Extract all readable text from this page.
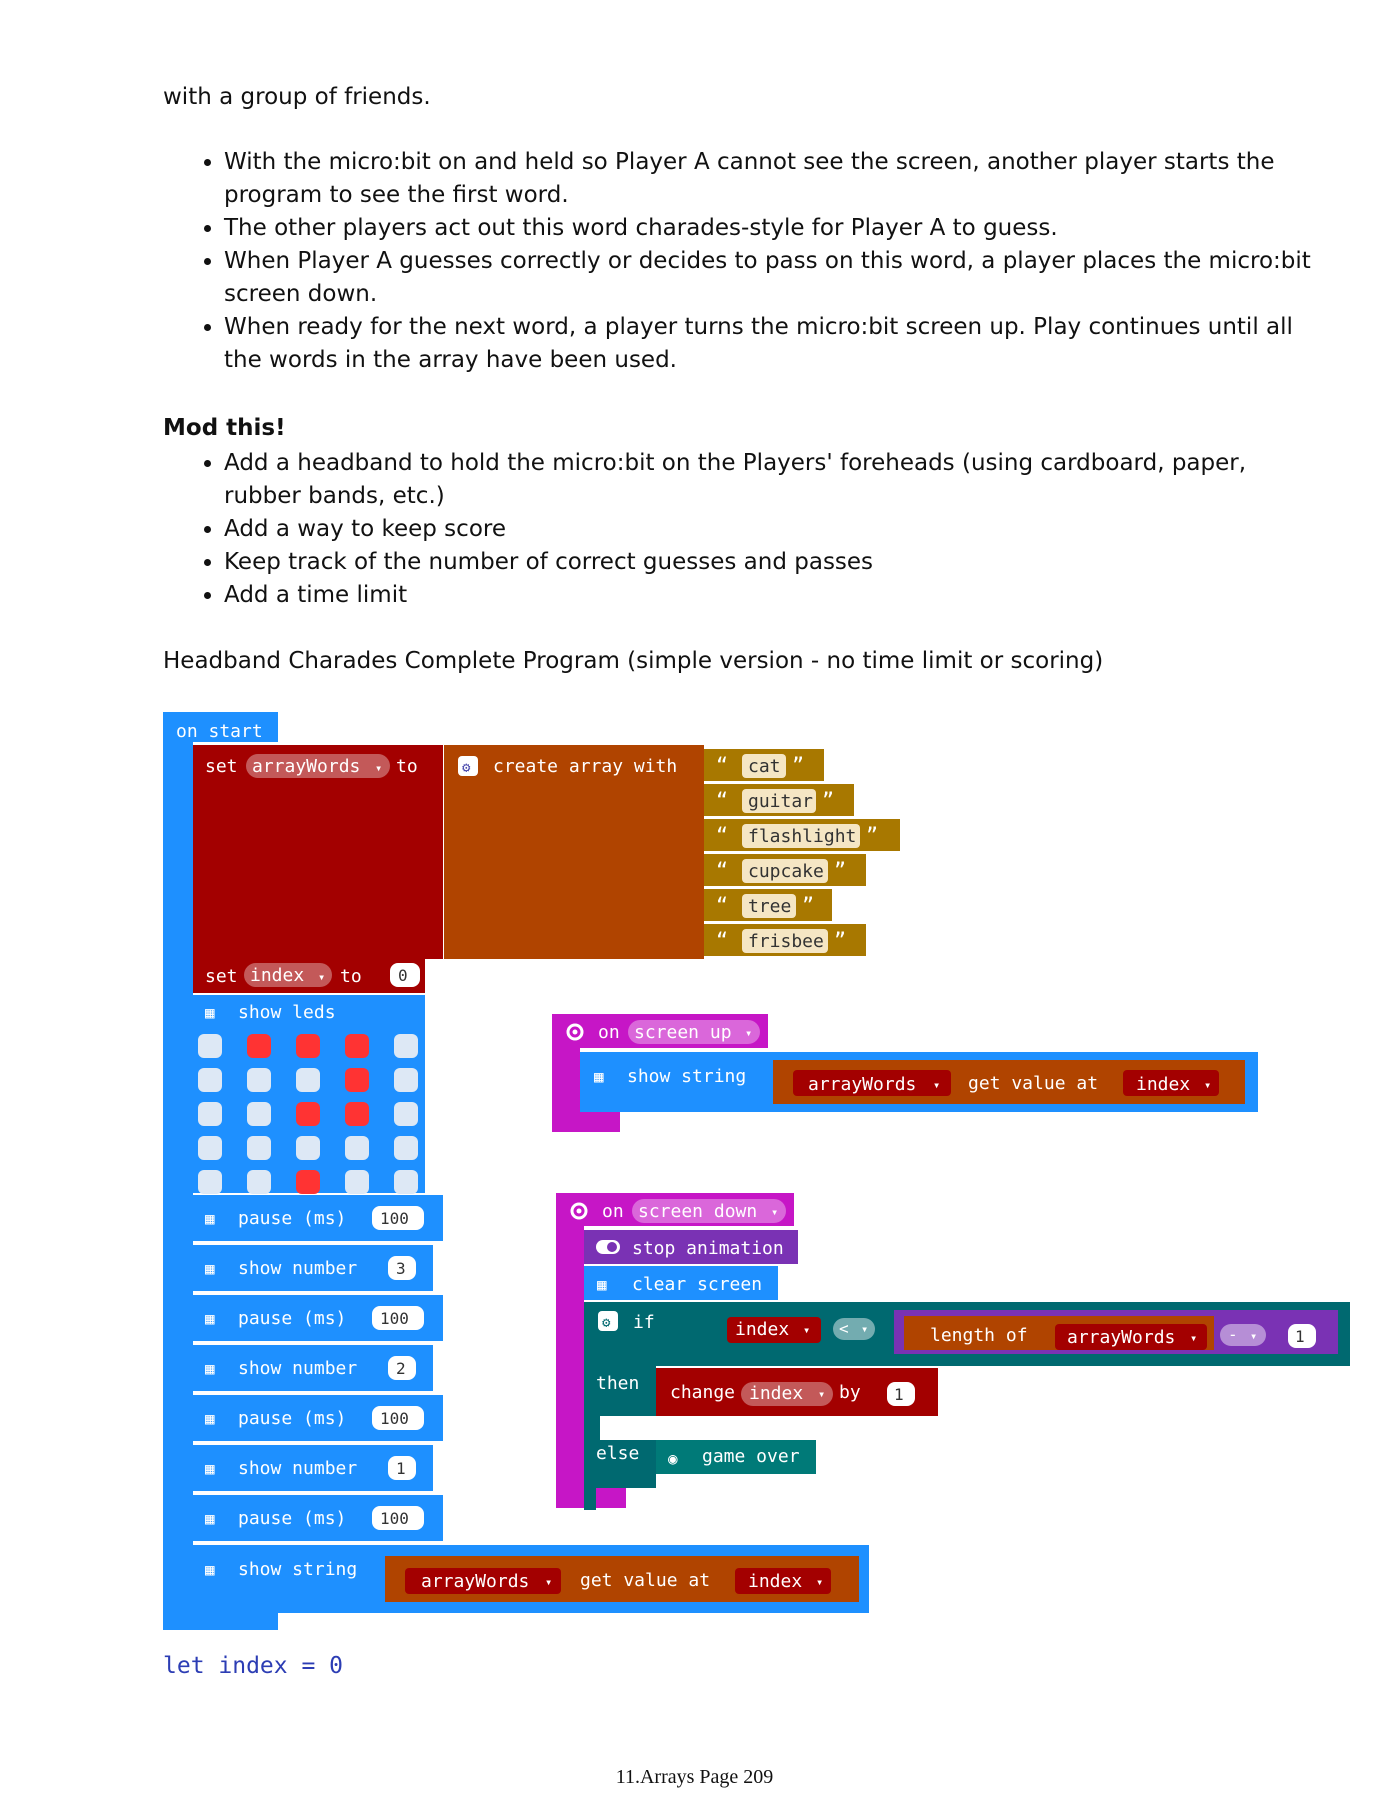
with a group of friends.

• With the micro:bit on and held so Player A cannot see the screen, another player starts the program to see the first word.
• The other players act out this word charades-style for Player A to guess.
• When Player A guesses correctly or decides to pass on this word, a player places the micro:bit screen down.
• When ready for the next word, a player turns the micro:bit screen up. Play continues until all the words in the array have been used.

Mod this!

• Add a headband to hold the micro:bit on the Players' foreheads (using cardboard, paper, rubber bands, etc.)
• Add a way to keep score
• Keep track of the number of correct guesses and passes
• Add a time limit

Headband Charades Complete Program (simple version - no time limit or scoring)

on start
set arrayWords ▾ to	⚙ create array with “ cat ”
“ guitar ”
“ flashlight ”
“ cupcake ”
“ tree ”
“ frisbee ”
set index ▾ to 0
▦ show leds
▦ pause (ms) 100
▦ show number 3
▦ pause (ms) 100
▦ show number 2
▦ pause (ms) 100
▦ show number 1
▦ pause (ms) 100
▦ show string
arrayWords ▾ get value at index ▾
on screen up ▾
▦ show string	arrayWords ▾ get value at index ▾
on screen down ▾
stop animation
▦ clear screen
⚙ if
then
else
index ▾ < ▾	length of arrayWords ▾ - ▾ 1
change index ▾ by 1
◉ game over
let index = 0
11.Arrays Page 209
